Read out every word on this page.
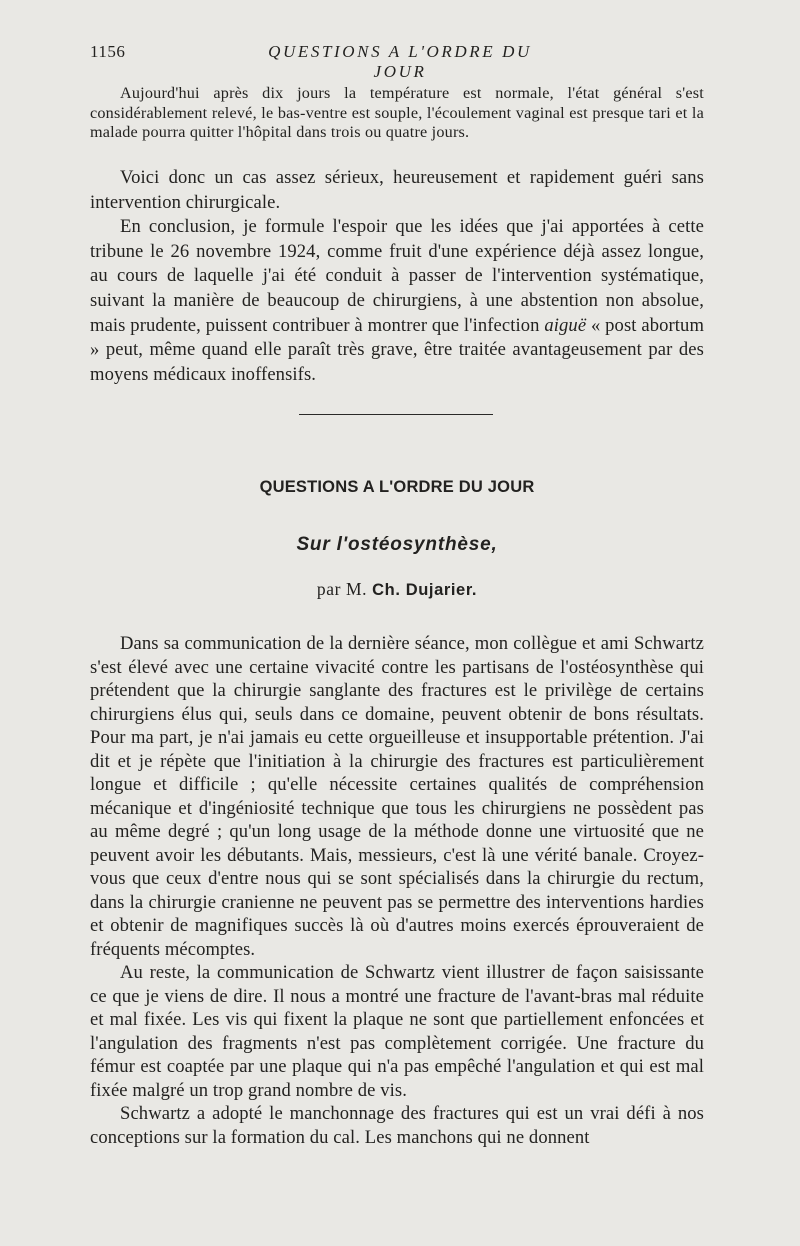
1156	QUESTIONS A L'ORDRE DU JOUR

Aujourd'hui après dix jours la température est normale, l'état général s'est considérablement relevé, le bas-ventre est souple, l'écoulement vaginal est presque tari et la malade pourra quitter l'hôpital dans trois ou quatre jours.

Voici donc un cas assez sérieux, heureusement et rapidement guéri sans intervention chirurgicale.

En conclusion, je formule l'espoir que les idées que j'ai apportées à cette tribune le 26 novembre 1924, comme fruit d'une expérience déjà assez longue, au cours de laquelle j'ai été conduit à passer de l'intervention systématique, suivant la manière de beaucoup de chirurgiens, à une abstention non absolue, mais prudente, puissent contribuer à montrer que l'infection aiguë « post abortum » peut, même quand elle paraît très grave, être traitée avantageusement par des moyens médicaux inoffensifs.

QUESTIONS A L'ORDRE DU JOUR
Sur l'ostéosynthèse,
par M. Ch. Dujarier.

Dans sa communication de la dernière séance, mon collègue et ami Schwartz s'est élevé avec une certaine vivacité contre les partisans de l'ostéosynthèse qui prétendent que la chirurgie sanglante des fractures est le privilège de certains chirurgiens élus qui, seuls dans ce domaine, peuvent obtenir de bons résultats. Pour ma part, je n'ai jamais eu cette orgueilleuse et insupportable prétention. J'ai dit et je répète que l'initiation à la chirurgie des fractures est particulièrement longue et difficile ; qu'elle nécessite certaines qualités de compréhension mécanique et d'ingéniosité technique que tous les chirurgiens ne possèdent pas au même degré ; qu'un long usage de la méthode donne une virtuosité que ne peuvent avoir les débutants. Mais, messieurs, c'est là une vérité banale. Croyez-vous que ceux d'entre nous qui se sont spécialisés dans la chirurgie du rectum, dans la chirurgie cranienne ne peuvent pas se permettre des interventions hardies et obtenir de magnifiques succès là où d'autres moins exercés éprouveraient de fréquents mécomptes.

Au reste, la communication de Schwartz vient illustrer de façon saisissante ce que je viens de dire. Il nous a montré une fracture de l'avant-bras mal réduite et mal fixée. Les vis qui fixent la plaque ne sont que partiellement enfoncées et l'angulation des fragments n'est pas complètement corrigée. Une fracture du fémur est coaptée par une plaque qui n'a pas empêché l'angulation et qui est mal fixée malgré un trop grand nombre de vis.

Schwartz a adopté le manchonnage des fractures qui est un vrai défi à nos conceptions sur la formation du cal. Les manchons qui ne donnent
